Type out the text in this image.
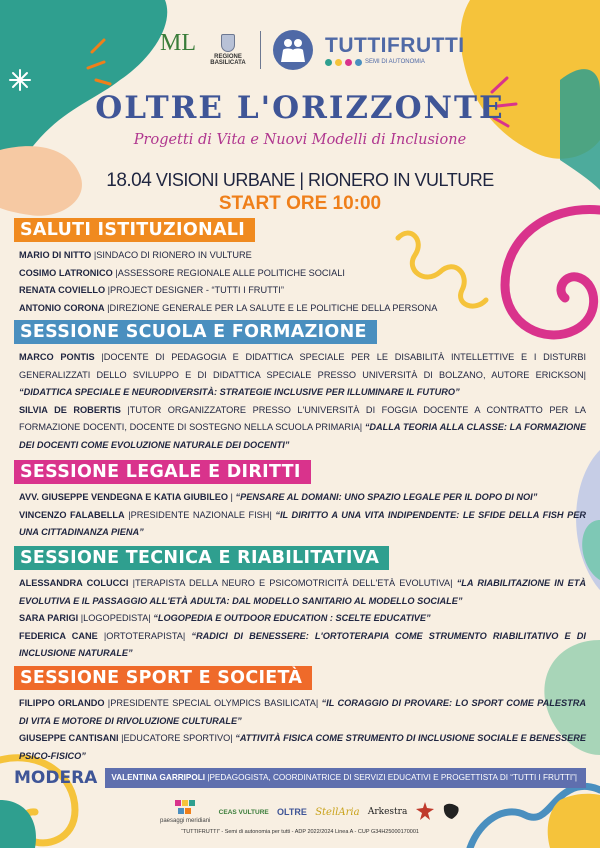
ML
REGIONE BASILICATA
TUTTIFRUTTI
SEMI DI AUTONOMIA
OLTRE L'ORIZZONTE
Progetti di Vita e Nuovi Modelli di Inclusione
18.04 VISIONI URBANE | RIONERO IN VULTURE
START ORE 10:00
SALUTI ISTITUZIONALI
MARIO DI NITTO |SINDACO DI RIONERO IN VULTURE
COSIMO LATRONICO |ASSESSORE REGIONALE ALLE POLITICHE SOCIALI
RENATA COVIELLO |PROJECT DESIGNER - “TUTTI I FRUTTI”
ANTONIO CORONA |DIREZIONE GENERALE PER LA SALUTE E LE POLITICHE DELLA PERSONA
SESSIONE SCUOLA E FORMAZIONE
MARCO PONTIS |DOCENTE DI PEDAGOGIA E DIDATTICA SPECIALE PER LE DISABILITÀ INTELLETTIVE E I DISTURBI GENERALIZZATI DELLO SVILUPPO E DI DIDATTICA SPECIALE PRESSO UNIVERSITÀ DI BOLZANO, AUTORE ERICKSON| “DIDATTICA SPECIALE E NEURODIVERSITÀ: STRATEGIE INCLUSIVE PER ILLUMINARE IL FUTURO”
SILVIA DE ROBERTIS |TUTOR ORGANIZZATORE PRESSO L'UNIVERSITÀ DI FOGGIA DOCENTE A CONTRATTO PER LA FORMAZIONE DOCENTI, DOCENTE DI SOSTEGNO NELLA SCUOLA PRIMARIA| “DALLA TEORIA ALLA CLASSE: LA FORMAZIONE DEI DOCENTI COME EVOLUZIONE NATURALE DEI DOCENTI”
SESSIONE LEGALE E DIRITTI
AVV. GIUSEPPE VENDEGNA E KATIA GIUBILEO | “PENSARE AL DOMANI: UNO SPAZIO LEGALE PER IL DOPO DI NOI”
VINCENZO FALABELLA |PRESIDENTE NAZIONALE FISH| “IL DIRITTO A UNA VITA INDIPENDENTE: LE SFIDE DELLA FISH PER UNA CITTADINANZA PIENA”
SESSIONE TECNICA E RIABILITATIVA
ALESSANDRA COLUCCI |TERAPISTA DELLA NEURO E PSICOMOTRICITÀ DELL'ETÀ EVOLUTIVA| “LA RIABILITAZIONE IN ETÀ EVOLUTIVA E IL PASSAGGIO ALL'ETÀ ADULTA: DAL MODELLO SANITARIO AL MODELLO SOCIALE”
SARA PARIGI |LOGOPEDISTA| “LOGOPEDIA E OUTDOOR EDUCATION : SCELTE EDUCATIVE”
FEDERICA CANE |ORTOTERAPISTA| “RADICI DI BENESSERE: L'ORTOTERAPIA COME STRUMENTO RIABILITATIVO E DI INCLUSIONE NATURALE”
SESSIONE SPORT E SOCIETÀ
FILIPPO ORLANDO |PRESIDENTE SPECIAL OLYMPICS BASILICATA| “IL CORAGGIO DI PROVARE: LO SPORT COME PALESTRA DI VITA E MOTORE DI RIVOLUZIONE CULTURALE”
GIUSEPPE CANTISANI |EDUCATORE SPORTIVO| “ATTIVITÀ FISICA COME STRUMENTO DI INCLUSIONE SOCIALE E BENESSERE PSICO-FISICO”
MODERA	VALENTINA GARRIPOLI |PEDAGOGISTA, COORDINATRICE DI SERVIZI EDUCATIVI E PROGETTISTA DI “TUTTI I FRUTTI”|
paesaggi meridiani
CEAS VULTURE OLTRE StellAria Arkestra
“TUTTIFRUTTI” - Semi di autonomia per tutti - ADP 2022/2024 Linea A - CUP G34H25000170001
